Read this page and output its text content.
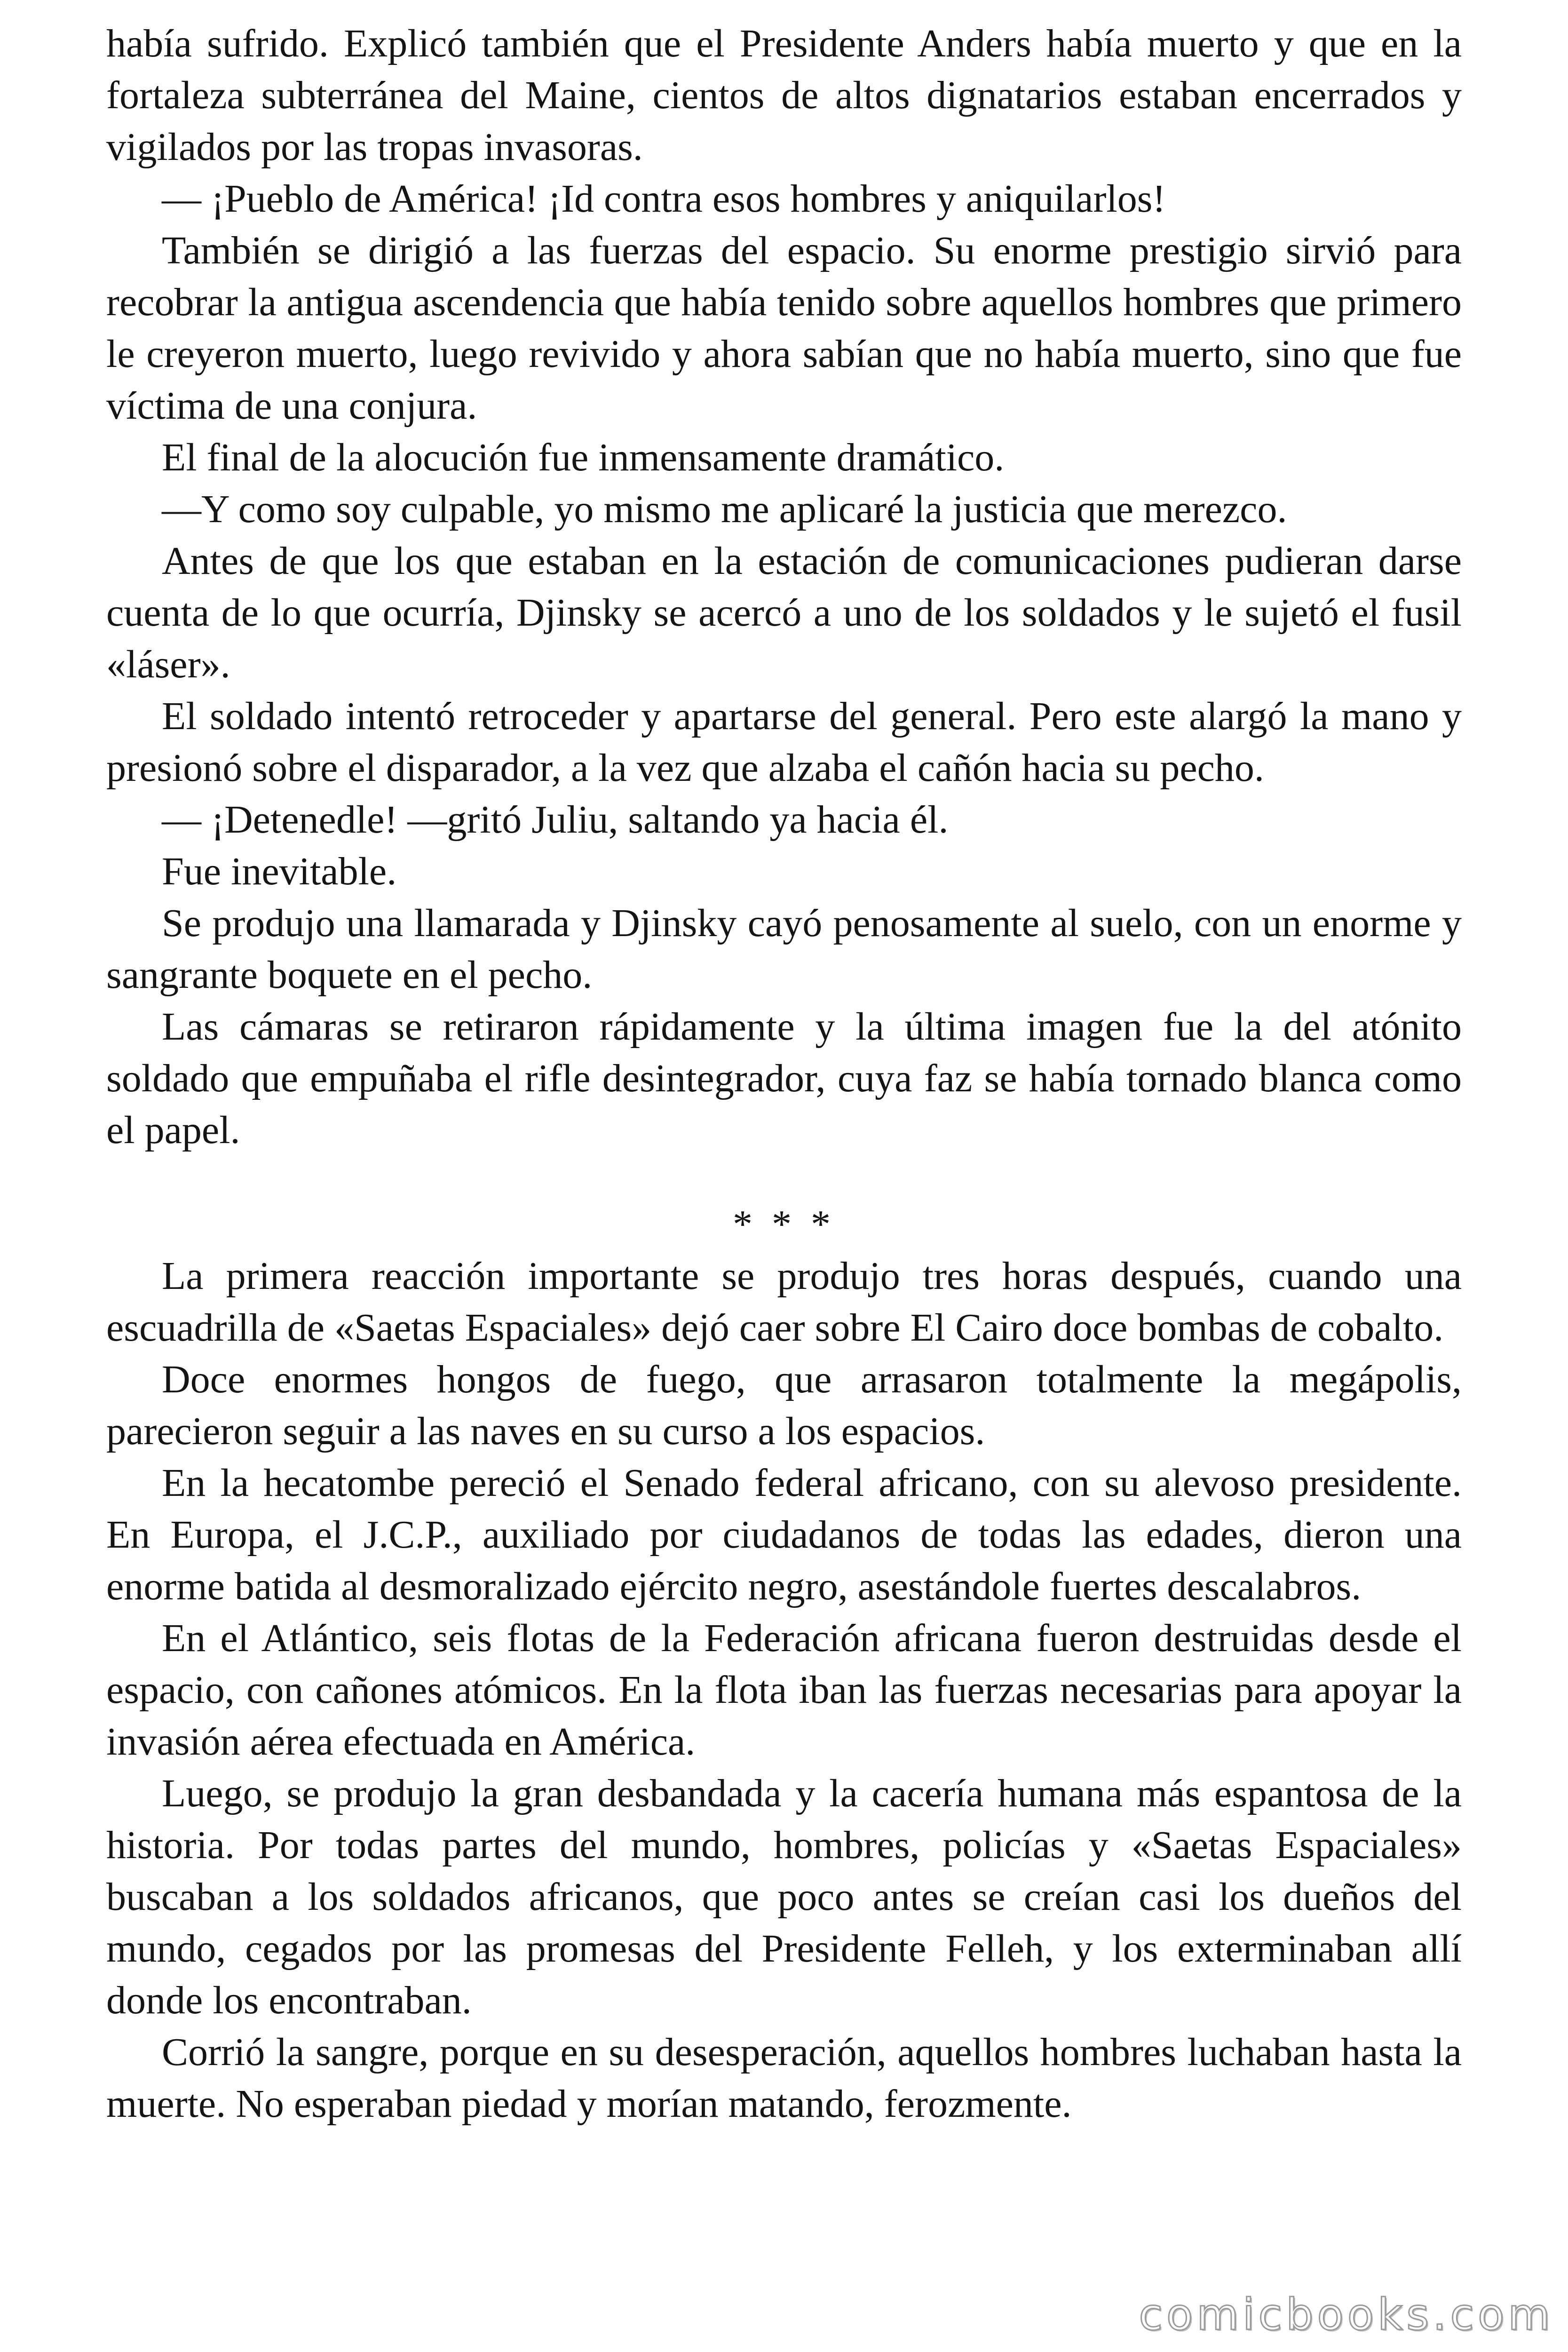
había sufrido. Explicó también que el Presidente Anders había muerto y que en la fortaleza subterránea del Maine, cientos de altos dignatarios estaban encerrados y vigilados por las tropas invasoras.

— ¡Pueblo de América! ¡Id contra esos hombres y aniquilarlos!

También se dirigió a las fuerzas del espacio. Su enorme prestigio sirvió para recobrar la antigua ascendencia que había tenido sobre aquellos hombres que primero le creyeron muerto, luego revivido y ahora sabían que no había muerto, sino que fue víctima de una conjura.

El final de la alocución fue inmensamente dramático.

—Y como soy culpable, yo mismo me aplicaré la justicia que merezco.

Antes de que los que estaban en la estación de comunicaciones pudieran darse cuenta de lo que ocurría, Djinsky se acercó a uno de los soldados y le sujetó el fusil «láser».

El soldado intentó retroceder y apartarse del general. Pero este alargó la mano y presionó sobre el disparador, a la vez que alzaba el cañón hacia su pecho.

— ¡Detenedle! —gritó Juliu, saltando ya hacia él.

Fue inevitable.

Se produjo una llamarada y Djinsky cayó penosamente al suelo, con un enorme y sangrante boquete en el pecho.

Las cámaras se retiraron rápidamente y la última imagen fue la del atónito soldado que empuñaba el rifle desintegrador, cuya faz se había tornado blanca como el papel.

* * *

La primera reacción importante se produjo tres horas después, cuando una escuadrilla de «Saetas Espaciales» dejó caer sobre El Cairo doce bombas de cobalto.

Doce enormes hongos de fuego, que arrasaron totalmente la megápolis, parecieron seguir a las naves en su curso a los espacios.

En la hecatombe pereció el Senado federal africano, con su alevoso presidente. En Europa, el J.C.P., auxiliado por ciudadanos de todas las edades, dieron una enorme batida al desmoralizado ejército negro, asestándole fuertes descalabros.

En el Atlántico, seis flotas de la Federación africana fueron destruidas desde el espacio, con cañones atómicos. En la flota iban las fuerzas necesarias para apoyar la invasión aérea efectuada en América.

Luego, se produjo la gran desbandada y la cacería humana más espantosa de la historia. Por todas partes del mundo, hombres, policías y «Saetas Espaciales» buscaban a los soldados africanos, que poco antes se creían casi los dueños del mundo, cegados por las promesas del Presidente Felleh, y los exterminaban allí donde los encontraban.

Corrió la sangre, porque en su desesperación, aquellos hombres luchaban hasta la muerte. No esperaban piedad y morían matando, ferozmente.

comicbooks.com
